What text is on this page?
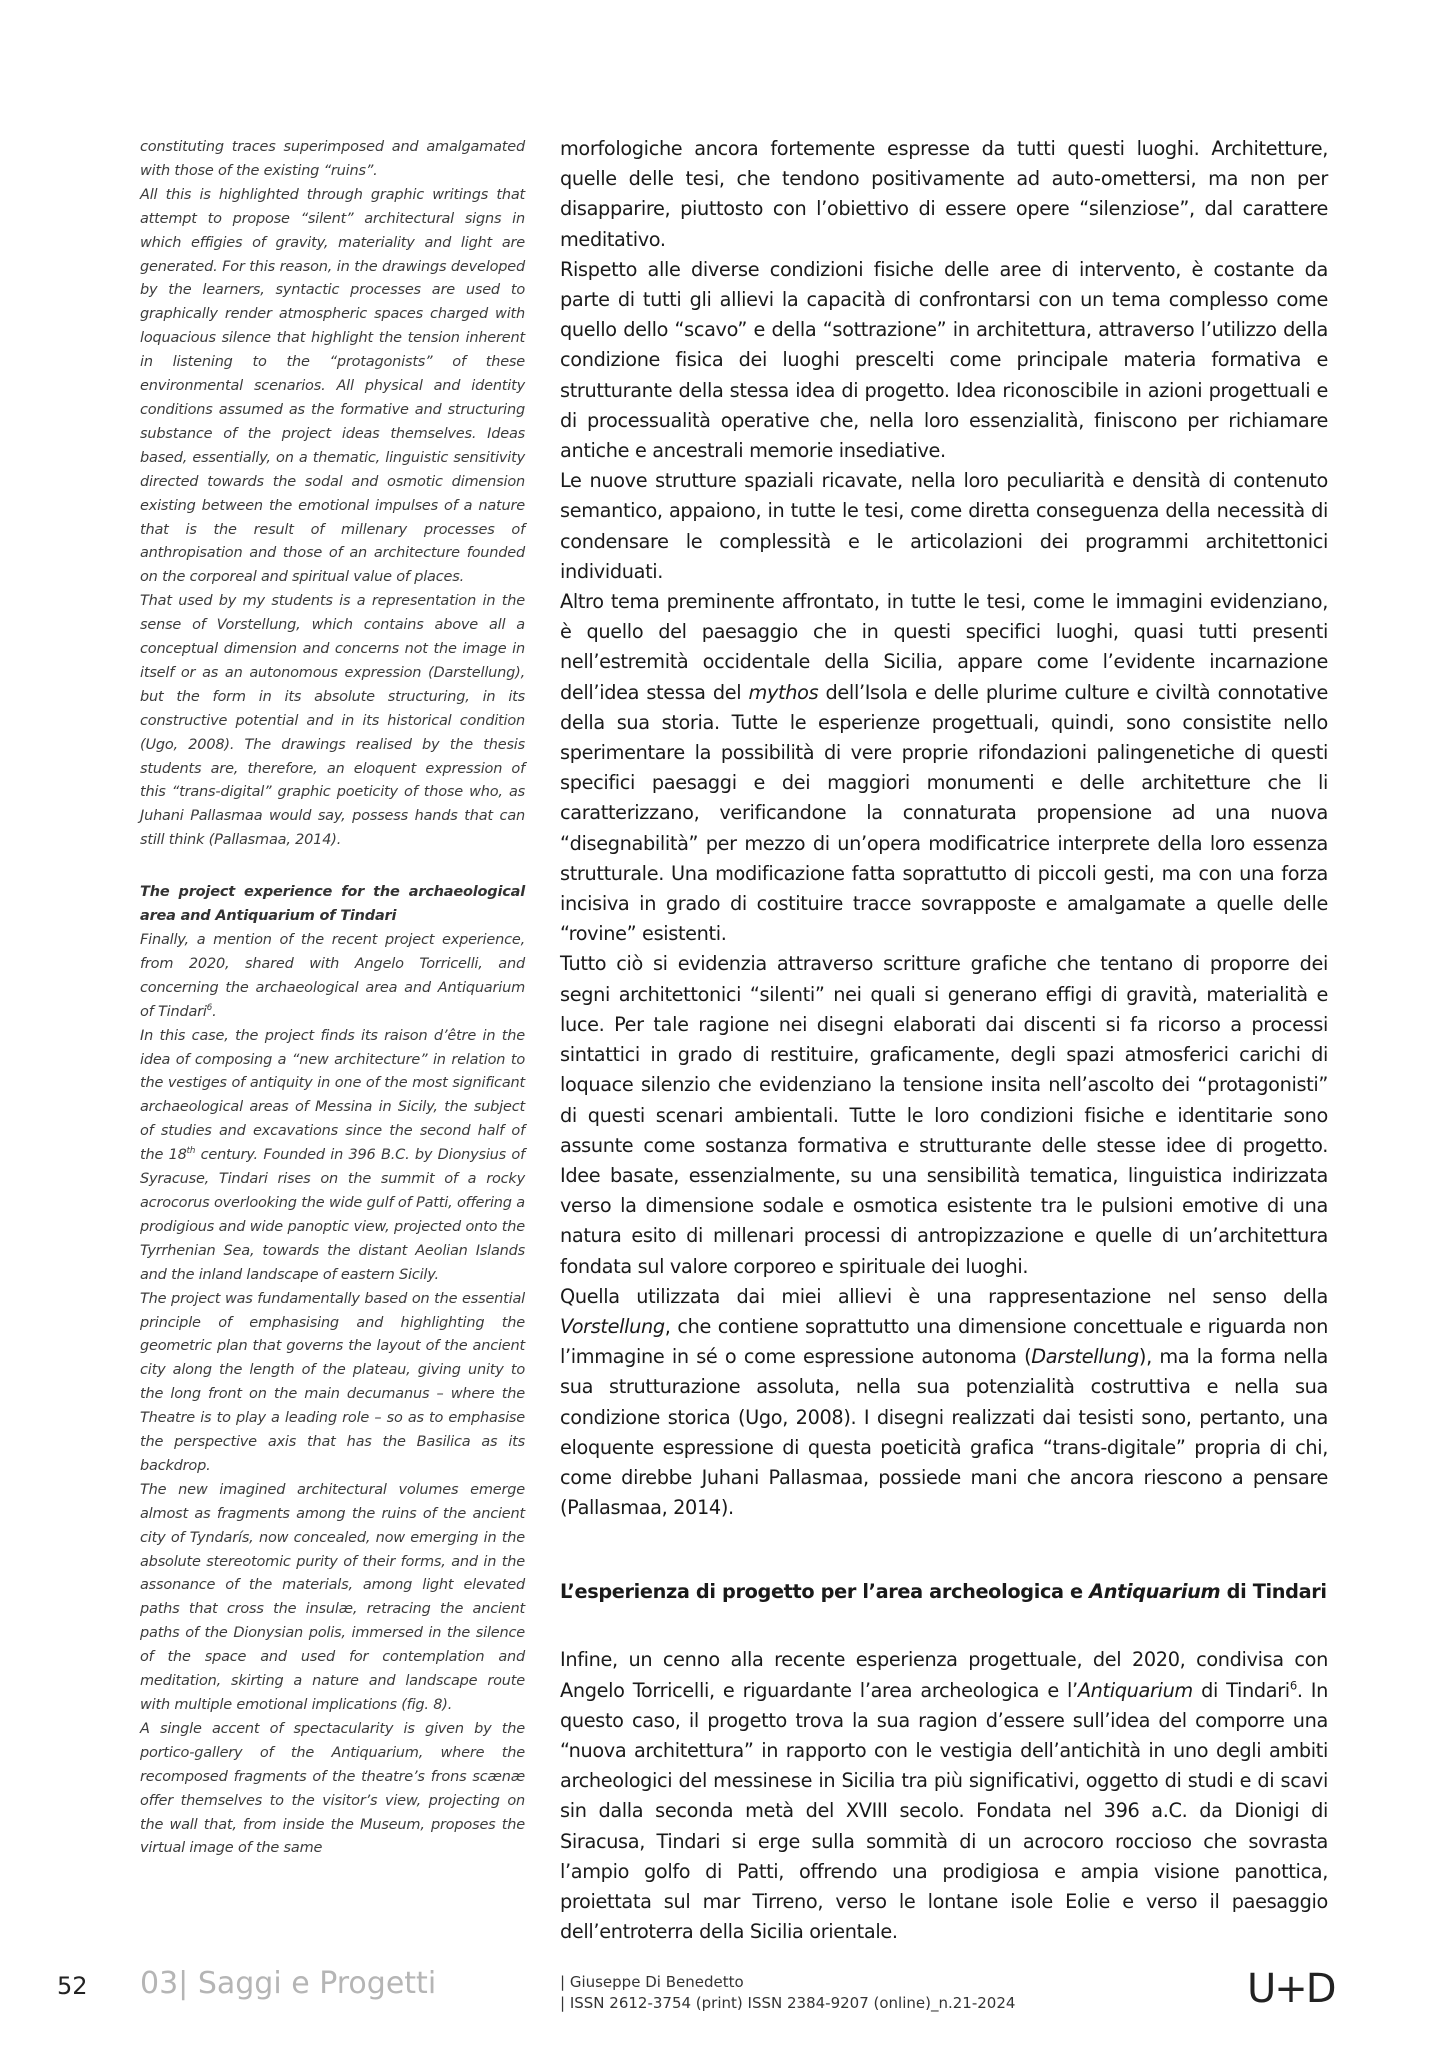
constituting traces superimposed and amalgamated with those of the existing “ruins”.

All this is highlighted through graphic writings that attempt to propose “silent” architectural signs in which effigies of gravity, materiality and light are generated. For this reason, in the drawings developed by the learners, syntactic processes are used to graphically render atmospheric spaces charged with loquacious silence that highlight the tension inherent in listening to the “protagonists” of these environmental scenarios. All physical and identity conditions assumed as the formative and structuring substance of the project ideas themselves. Ideas based, essentially, on a thematic, linguistic sensitivity directed towards the sodal and osmotic dimension existing between the emotional impulses of a nature that is the result of millenary processes of anthropisation and those of an architecture founded on the corporeal and spiritual value of places.

That used by my students is a representation in the sense of Vorstellung, which contains above all a conceptual dimension and concerns not the image in itself or as an autonomous expression (Darstellung), but the form in its absolute structuring, in its constructive potential and in its historical condition (Ugo, 2008). The drawings realised by the thesis students are, therefore, an eloquent expression of this “trans-digital” graphic poeticity of those who, as Juhani Pallasmaa would say, possess hands that can still think (Pallasmaa, 2014).

The project experience for the archaeological area and Antiquarium of Tindari

Finally, a mention of the recent project experience, from 2020, shared with Angelo Torricelli, and concerning the archaeological area and Antiquarium of Tindari$^6$.

In this case, the project finds its raison d’être in the idea of composing a “new architecture” in relation to the vestiges of antiquity in one of the most significant archaeological areas of Messina in Sicily, the subject of studies and excavations since the second half of the 18th century. Founded in 396 B.C. by Dionysius of Syracuse, Tindari rises on the summit of a rocky acrocorus overlooking the wide gulf of Patti, offering a prodigious and wide panoptic view, projected onto the Tyrrhenian Sea, towards the distant Aeolian Islands and the inland landscape of eastern Sicily.

The project was fundamentally based on the essential principle of emphasising and highlighting the geometric plan that governs the layout of the ancient city along the length of the plateau, giving unity to the long front on the main decumanus – where the Theatre is to play a leading role – so as to emphasise the perspective axis that has the Basilica as its backdrop.

The new imagined architectural volumes emerge almost as fragments among the ruins of the ancient city of Tyndarís, now concealed, now emerging in the absolute stereotomic purity of their forms, and in the assonance of the materials, among light elevated paths that cross the insulæ, retracing the ancient paths of the Dionysian polis, immersed in the silence of the space and used for contemplation and meditation, skirting a nature and landscape route with multiple emotional implications (fig. 8).

A single accent of spectacularity is given by the portico-gallery of the Antiquarium, where the recomposed fragments of the theatre’s frons scænæ offer themselves to the visitor’s view, projecting on the wall that, from inside the Museum, proposes the virtual image of the same

morfologiche ancora fortemente espresse da tutti questi luoghi. Architetture, quelle delle tesi, che tendono positivamente ad auto-omettersi, ma non per disapparire, piuttosto con l’obiettivo di essere opere “silenziose”, dal carattere meditativo.

Rispetto alle diverse condizioni fisiche delle aree di intervento, è costante da parte di tutti gli allievi la capacità di confrontarsi con un tema complesso come quello dello “scavo” e della “sottrazione” in architettura, attraverso l’utilizzo della condizione fisica dei luoghi prescelti come principale materia formativa e strutturante della stessa idea di progetto. Idea riconoscibile in azioni progettuali e di processualità operative che, nella loro essenzialità, finiscono per richiamare antiche e ancestrali memorie insediative.

Le nuove strutture spaziali ricavate, nella loro peculiarità e densità di contenuto semantico, appaiono, in tutte le tesi, come diretta conseguenza della necessità di condensare le complessità e le articolazioni dei programmi architettonici individuati.

Altro tema preminente affrontato, in tutte le tesi, come le immagini evidenziano, è quello del paesaggio che in questi specifici luoghi, quasi tutti presenti nell’estremità occidentale della Sicilia, appare come l’evidente incarnazione dell’idea stessa del mythos dell’Isola e delle plurime culture e civiltà connotative della sua storia. Tutte le esperienze progettuali, quindi, sono consistite nello sperimentare la possibilità di vere proprie rifondazioni palingenetiche di questi specifici paesaggi e dei maggiori monumenti e delle architetture che li caratterizzano, verificandone la connaturata propensione ad una nuova “disegnabilità” per mezzo di un’opera modificatrice interprete della loro essenza strutturale. Una modificazione fatta soprattutto di piccoli gesti, ma con una forza incisiva in grado di costituire tracce sovrapposte e amalgamate a quelle delle “rovine” esistenti.

Tutto ciò si evidenzia attraverso scritture grafiche che tentano di proporre dei segni architettonici “silenti” nei quali si generano effigi di gravità, materialità e luce. Per tale ragione nei disegni elaborati dai discenti si fa ricorso a processi sintattici in grado di restituire, graficamente, degli spazi atmosferici carichi di loquace silenzio che evidenziano la tensione insita nell’ascolto dei “protagonisti” di questi scenari ambientali. Tutte le loro condizioni fisiche e identitarie sono assunte come sostanza formativa e strutturante delle stesse idee di progetto. Idee basate, essenzialmente, su una sensibilità tematica, linguistica indirizzata verso la dimensione sodale e osmotica esistente tra le pulsioni emotive di una natura esito di millenari processi di antropizzazione e quelle di un’architettura fondata sul valore corporeo e spirituale dei luoghi.

Quella utilizzata dai miei allievi è una rappresentazione nel senso della Vorstellung, che contiene soprattutto una dimensione concettuale e riguarda non l’immagine in sé o come espressione autonoma (Darstellung), ma la forma nella sua strutturazione assoluta, nella sua potenzialità costruttiva e nella sua condizione storica (Ugo, 2008). I disegni realizzati dai tesisti sono, pertanto, una eloquente espressione di questa poeticità grafica “trans-digitale” propria di chi, come direbbe Juhani Pallasmaa, possiede mani che ancora riescono a pensare (Pallasmaa, 2014).

L’esperienza di progetto per l’area archeologica e Antiquarium di Tindari

Infine, un cenno alla recente esperienza progettuale, del 2020, condivisa con Angelo Torricelli, e riguardante l’area archeologica e l’Antiquarium di Tindari$^6$. In questo caso, il progetto trova la sua ragion d’essere sull’idea del comporre una “nuova architettura” in rapporto con le vestigia dell’antichità in uno degli ambiti archeologici del messinese in Sicilia tra più significativi, oggetto di studi e di scavi sin dalla seconda metà del XVIII secolo. Fondata nel 396 a.C. da Dionigi di Siracusa, Tindari si erge sulla sommità di un acrocoro roccioso che sovrasta l’ampio golfo di Patti, offrendo una prodigiosa e ampia visione panottica, proiettata sul mar Tirreno, verso le lontane isole Eolie e verso il paesaggio dell’entroterra della Sicilia orientale.

52 03| Saggi e Progetti	| Giuseppe Di Benedetto
| ISSN 2612-3754 (print) ISSN 2384-9207 (online)_n.21-2024	U+D
